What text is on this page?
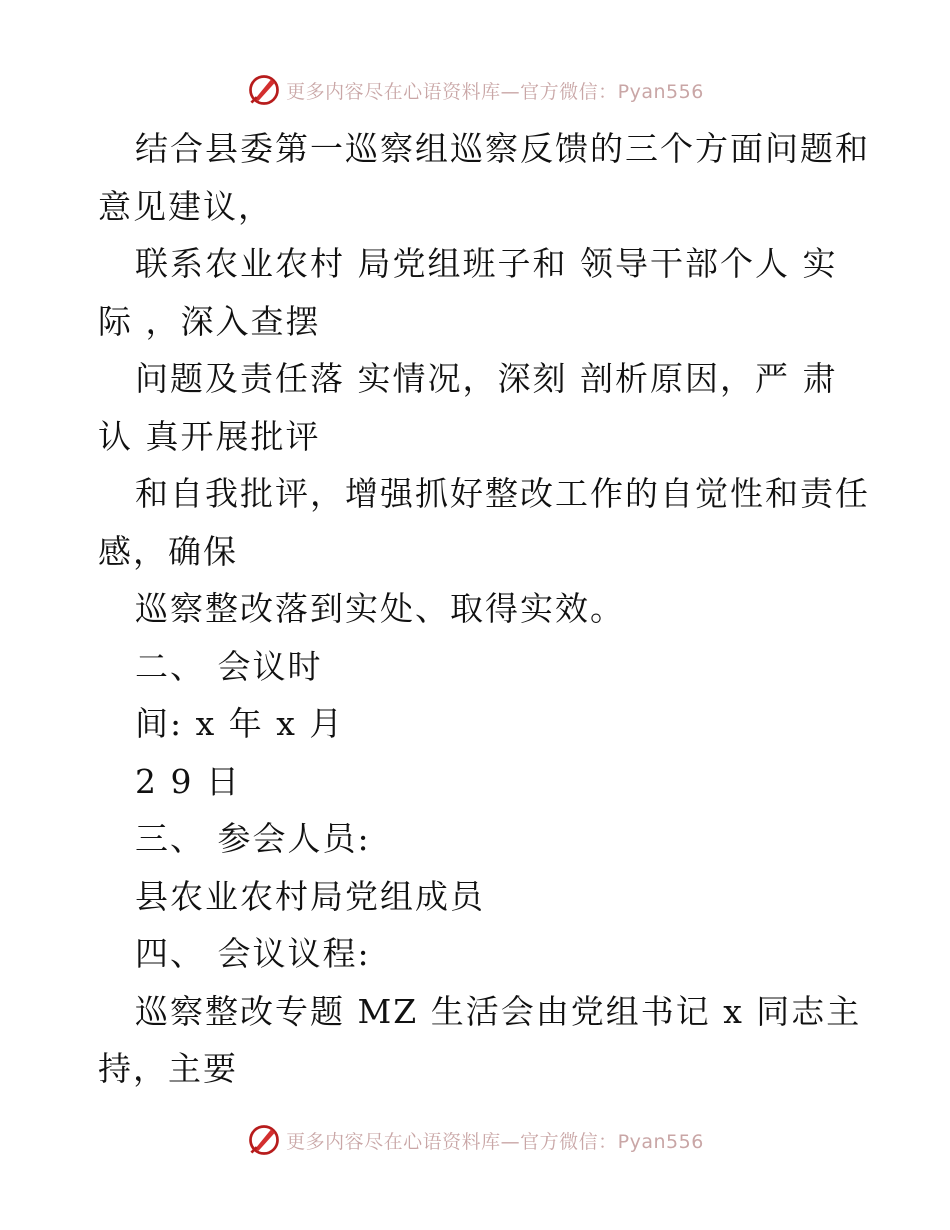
更多内容尽在心语资料库—官方微信：Pyan556
结合县委第一巡察组巡察反馈的三个方面问题和
意见建议，
联系农业农村 局党组班子和 领导干部个人 实
际 ，深入查摆
问题及责任落 实情况，深刻 剖析原因，严 肃
认 真开展批评
和自我批评，增强抓好整改工作的自觉性和责任
感，确保
巡察整改落到实处、取得实效。
二、 会议时
间: x 年 x 月
2 9 日
三、 参会人员:
县农业农村局党组成员
四、 会议议程:
巡察整改专题 MZ 生活会由党组书记 x 同志主
持，主要
更多内容尽在心语资料库—官方微信：Pyan556
